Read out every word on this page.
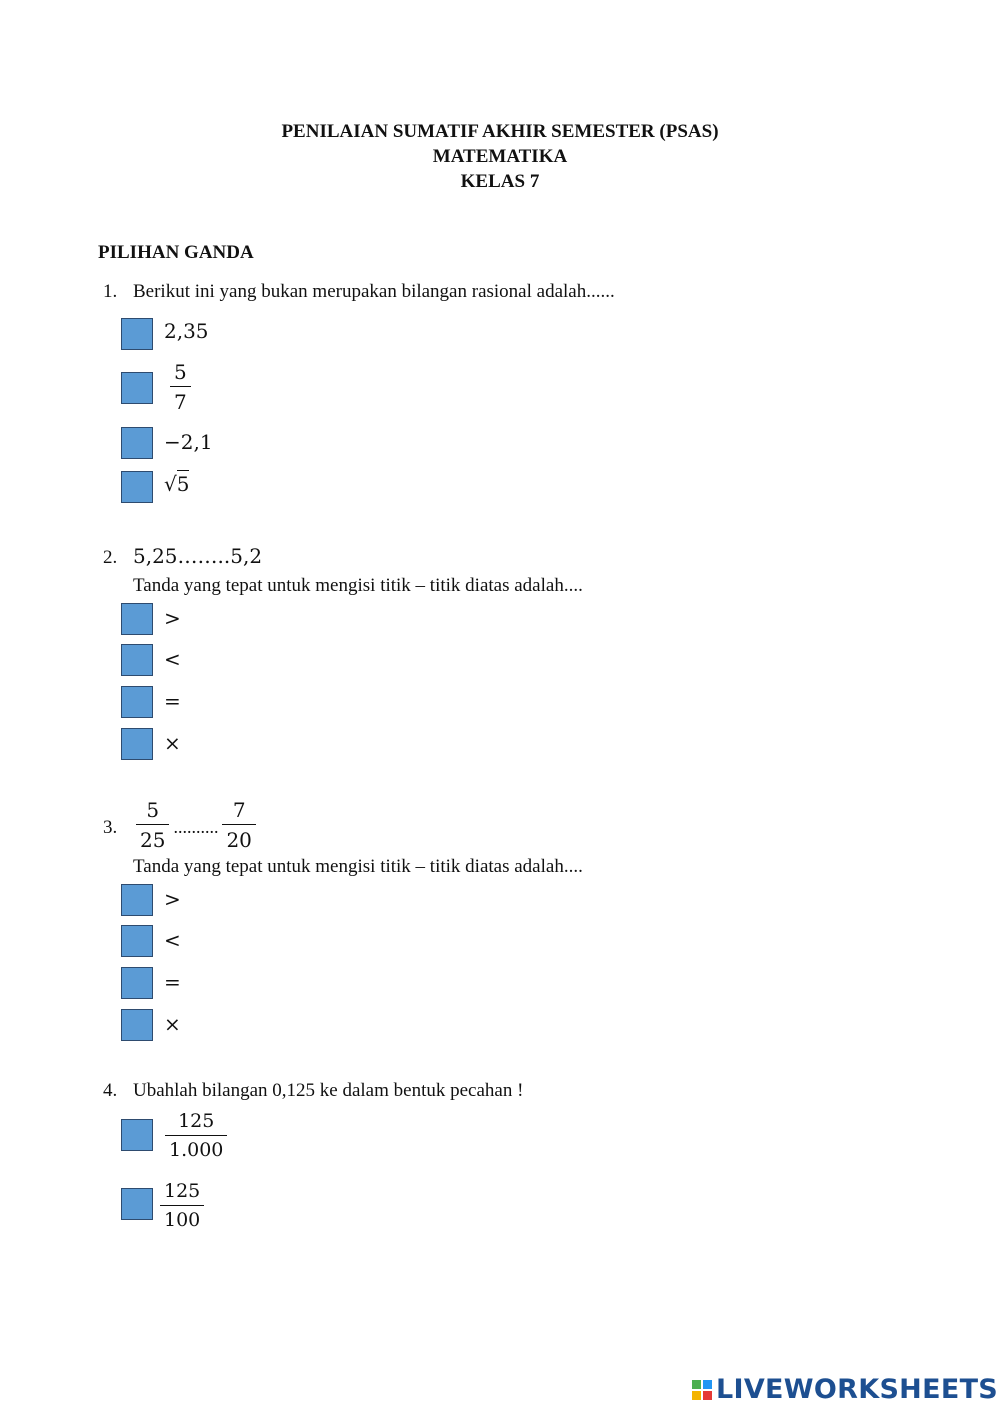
PENILAIAN SUMATIF AKHIR SEMESTER (PSAS)
MATEMATIKA
KELAS 7
PILIHAN GANDA
1. Berikut ini yang bukan merupakan bilangan rasional adalah......
2,35
$\frac{5}{7}$
−2,1
√5
2. 5,25……..5,2
Tanda yang tepat untuk mengisi titik – titik diatas adalah....
>
<
=
×
3. $\frac{5}{25}$ .......... $\frac{7}{20}$
Tanda yang tepat untuk mengisi titik – titik diatas adalah....
>
<
=
×
4. Ubahlah bilangan 0,125 ke dalam bentuk pecahan !
$\frac{125}{1.000}$
$\frac{125}{100}$
LIVEWORKSHEETS
